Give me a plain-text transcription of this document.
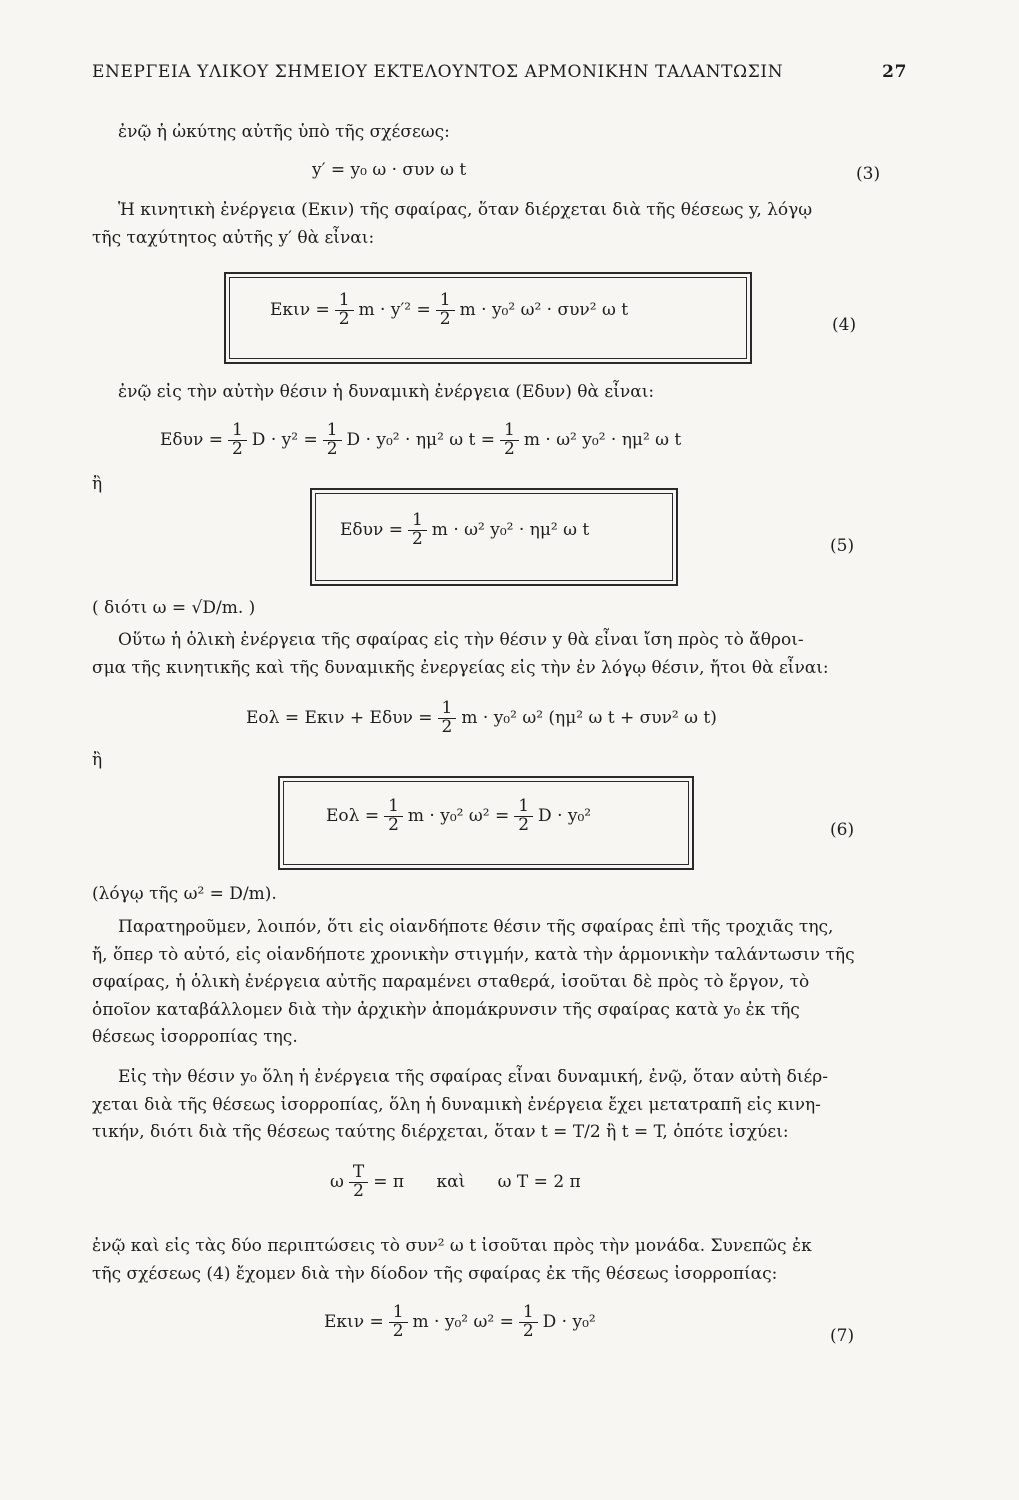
ΕΝΕΡΓΕΙΑ ΥΛΙΚΟΥ ΣΗΜΕΙΟΥ ΕΚΤΕΛΟΥΝΤΟΣ ΑΡΜΟΝΙΚΗΝ ΤΑΛΑΝΤΩΣΙΝ	27
ἐνῷ ἡ ὠκύτης αὐτῆς ὑπὸ τῆς σχέσεως:
y′ = y₀ ω · συν ω t	(3)
Ἡ κινητικὴ ἐνέργεια (Eκιν) τῆς σφαίρας, ὅταν διέρχεται διὰ τῆς θέσεως y, λόγῳ
τῆς ταχύτητος αὐτῆς y′ θὰ εἶναι:
$E\kappa\iota\nu = \frac{1}{2}$ $m \cdot y'^2 = \frac{1}{2}$ m · y₀² ω² · συν² ω t
(4)
ἐνῷ εἰς τὴν αὐτὴν θέσιν ἡ δυναμικὴ ἐνέργεια (Eδυν) θὰ εἶναι:
$E\delta\upsilon\nu = \frac{1}{2}$ $D \cdot y^2 = \frac{1}{2}$ D · y₀² · ημ² ω $t = \frac{1}{2}$ m · ω² y₀² · ημ² ω t
ἢ
$E\delta\upsilon\nu = \frac{1}{2}$ m · ω² y₀² · ημ² ω t
(5)
( διότι ω = √D/m. )
Οὕτω ἡ ὁλικὴ ἐνέργεια τῆς σφαίρας εἰς τὴν θέσιν y θὰ εἶναι ἴση πρὸς τὸ ἄθροι-
σμα τῆς κινητικῆς καὶ τῆς δυναμικῆς ἐνεργείας εἰς τὴν ἐν λόγῳ θέσιν, ἤτοι θὰ εἶναι:
$Eo\lambda = E\kappa\iota\nu + E\delta\upsilon\nu = \frac{1}{2}$ m · y₀² ω² (ημ² ω t + συν² ω t)
ἢ
$Eo\lambda = \frac{1}{2}$ m · y₀² $\omega^2 = \frac{1}{2}$ D · y₀²
(6)
(λόγῳ τῆς ω² = D/m).
Παρατηροῦμεν, λοιπόν, ὅτι εἰς οἱανδήποτε θέσιν τῆς σφαίρας ἐπὶ τῆς τροχιᾶς της,
ἤ, ὅπερ τὸ αὐτό, εἰς οἱανδήποτε χρονικὴν στιγμήν, κατὰ τὴν ἁρμονικὴν ταλάντωσιν τῆς
σφαίρας, ἡ ὁλικὴ ἐνέργεια αὐτῆς παραμένει σταθερά, ἰσοῦται δὲ πρὸς τὸ ἔργον, τὸ
ὁποῖον καταβάλλομεν διὰ τὴν ἀρχικὴν ἀπομάκρυνσιν τῆς σφαίρας κατὰ y₀ ἐκ τῆς
θέσεως ἰσορροπίας της.
Εἰς τὴν θέσιν y₀ ὅλη ἡ ἐνέργεια τῆς σφαίρας εἶναι δυναμική, ἐνῷ, ὅταν αὐτὴ διέρ-
χεται διὰ τῆς θέσεως ἰσορροπίας, ὅλη ἡ δυναμικὴ ἐνέργεια ἔχει μετατραπῆ εἰς κινη-
τικήν, διότι διὰ τῆς θέσεως ταύτης διέρχεται, ὅταν t = T/2 ἢ t = T, ὁπότε ἰσχύει:
ω $\frac{T}{2} = \pi$      καὶ      ω T = 2 π
ἐνῷ καὶ εἰς τὰς δύο περιπτώσεις τὸ συν² ω t ἰσοῦται πρὸς τὴν μονάδα. Συνεπῶς ἐκ
τῆς σχέσεως (4) ἔχομεν διὰ τὴν δίοδον τῆς σφαίρας ἐκ τῆς θέσεως ἰσορροπίας:
$E\kappa\iota\nu = \frac{1}{2}$ m · y₀² $\omega^2 = \frac{1}{2}$ D · y₀²
(7)
